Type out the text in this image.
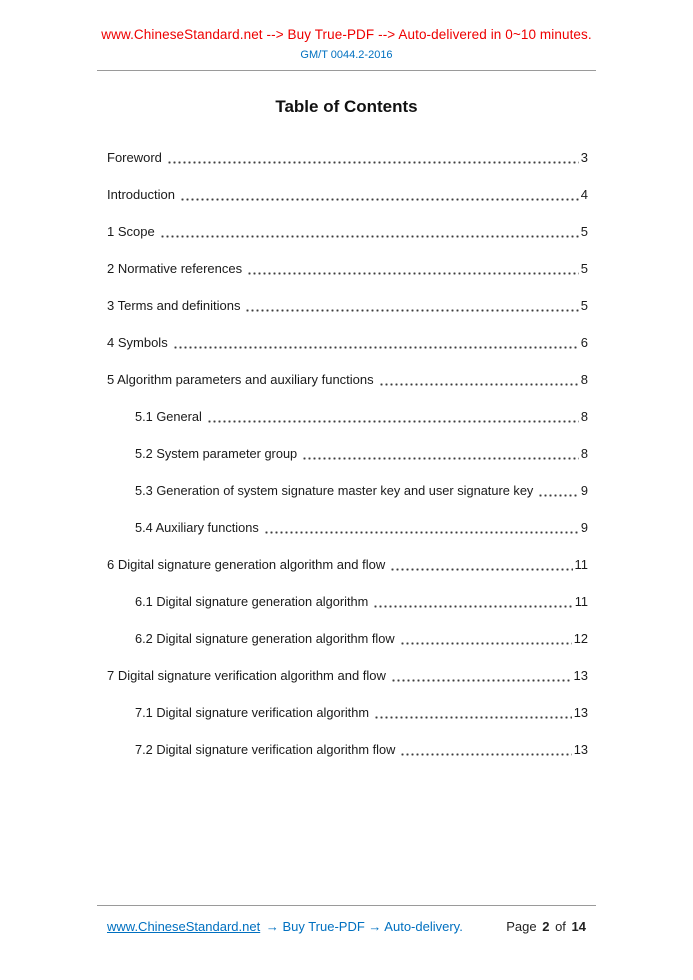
www.ChineseStandard.net --> Buy True-PDF --> Auto-delivered in 0~10 minutes.
GM/T 0044.2-2016
Table of Contents
Foreword	3
Introduction	4
1 Scope	5
2 Normative references	5
3 Terms and definitions	5
4 Symbols	6
5 Algorithm parameters and auxiliary functions	8
5.1 General	8
5.2 System parameter group	8
5.3 Generation of system signature master key and user signature key	9
5.4 Auxiliary functions	9
6 Digital signature generation algorithm and flow	11
6.1 Digital signature generation algorithm	11
6.2 Digital signature generation algorithm flow	12
7 Digital signature verification algorithm and flow	13
7.1 Digital signature verification algorithm	13
7.2 Digital signature verification algorithm flow	13
www.ChineseStandard.net → Buy True-PDF → Auto-delivery.	Page 2 of 14
